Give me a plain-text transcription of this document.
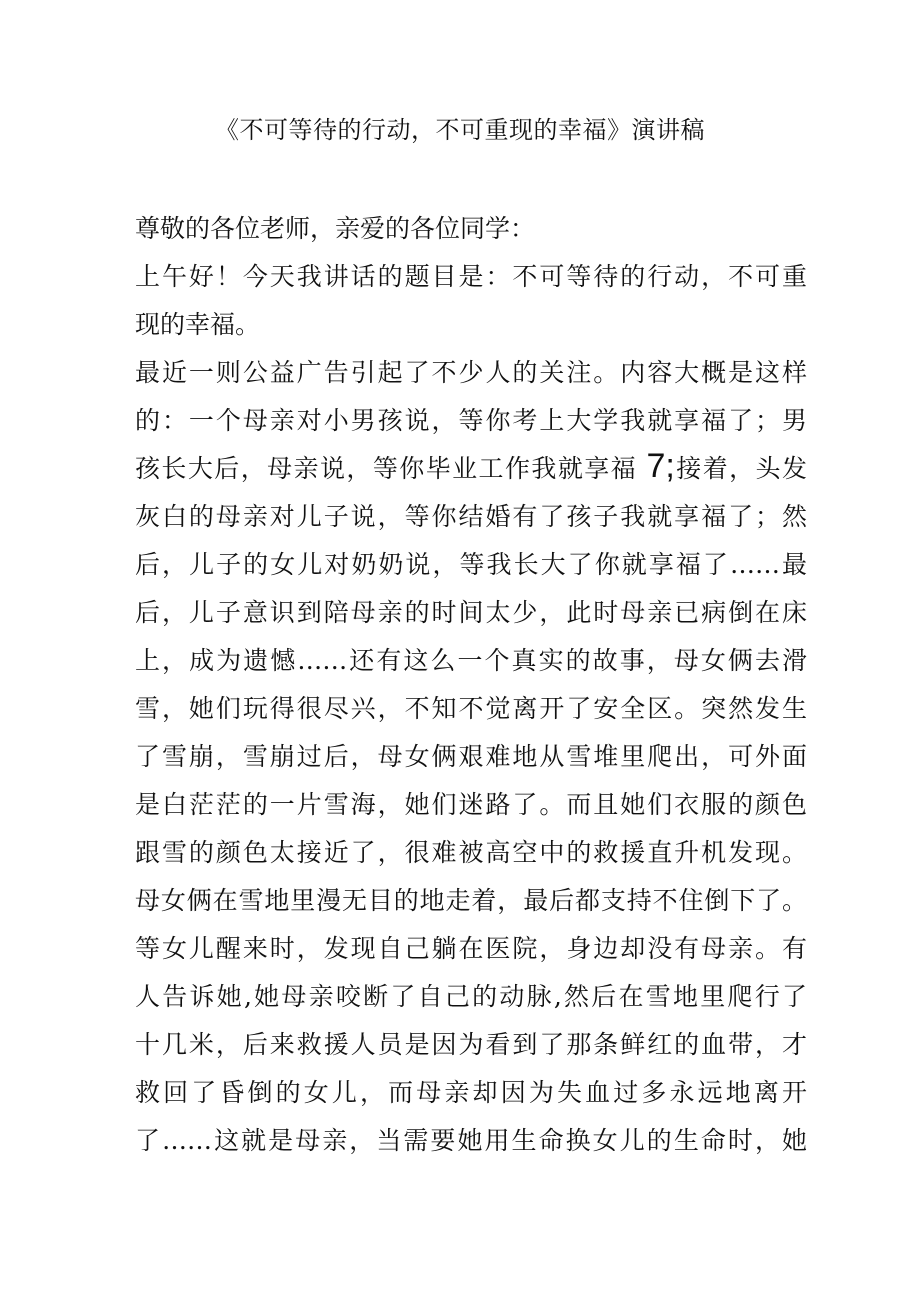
《不可等待的行动，不可重现的幸福》演讲稿
尊敬的各位老师，亲爱的各位同学：
上午好！今天我讲话的题目是：不可等待的行动，不可重
现的幸福。
最近一则公益广告引起了不少人的关注。内容大概是这样
的：一个母亲对小男孩说，等你考上大学我就享福了；男
孩长大后，母亲说，等你毕业工作我就享福 7;接着，头发
灰白的母亲对儿子说，等你结婚有了孩子我就享福了；然
后，儿子的女儿对奶奶说，等我长大了你就享福了……最
后，儿子意识到陪母亲的时间太少，此时母亲已病倒在床
上，成为遗憾……还有这么一个真实的故事，母女俩去滑
雪，她们玩得很尽兴，不知不觉离开了安全区。突然发生
了雪崩，雪崩过后，母女俩艰难地从雪堆里爬出，可外面
是白茫茫的一片雪海，她们迷路了。而且她们衣服的颜色
跟雪的颜色太接近了，很难被高空中的救援直升机发现。
母女俩在雪地里漫无目的地走着，最后都支持不住倒下了。
等女儿醒来时，发现自己躺在医院，身边却没有母亲。有
人告诉她,她母亲咬断了自己的动脉,然后在雪地里爬行了
十几米，后来救援人员是因为看到了那条鲜红的血带，才
救回了昏倒的女儿，而母亲却因为失血过多永远地离开
了……这就是母亲，当需要她用生命换女儿的生命时，她
